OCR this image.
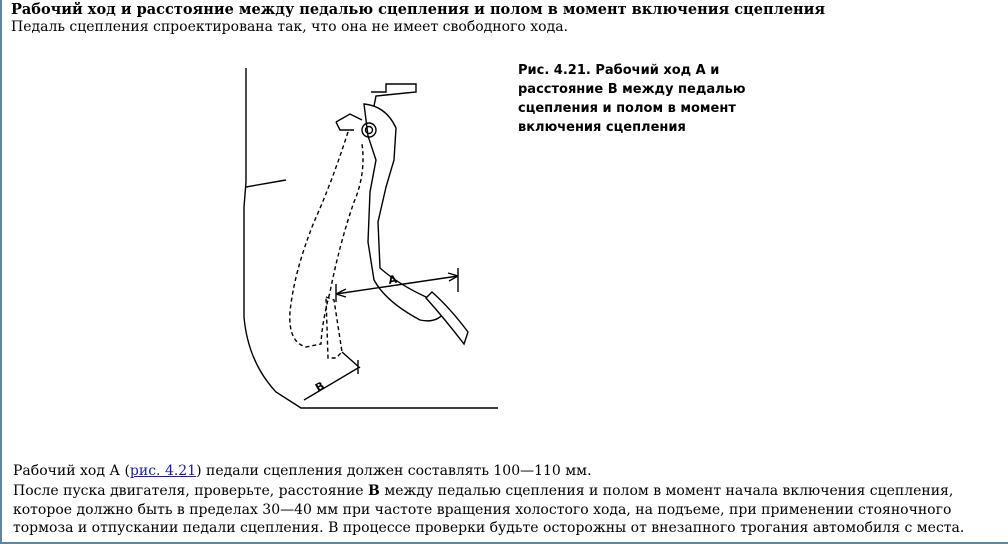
Рабочий ход и расстояние между педалью сцепления и полом в момент включения сцепления
Педаль сцепления спроектирована так, что она не имеет свободного хода.
A
B
Рис. 4.21. Рабочий ход А и расстояние В между педалью сцепления и полом в момент включения сцепления
Рабочий ход А (рис. 4.21) педали сцепления должен составлять 100—110 мм.
После пуска двигателя, проверьте, расстояние В между педалью сцепления и полом в момент начала включения сцепления, которое должно быть в пределах 30—40 мм при частоте вращения холостого хода, на подъеме, при применении стояночного тормоза и отпускании педали сцепления. В процессе проверки будьте осторожны от внезапного трогания автомобиля с места.
